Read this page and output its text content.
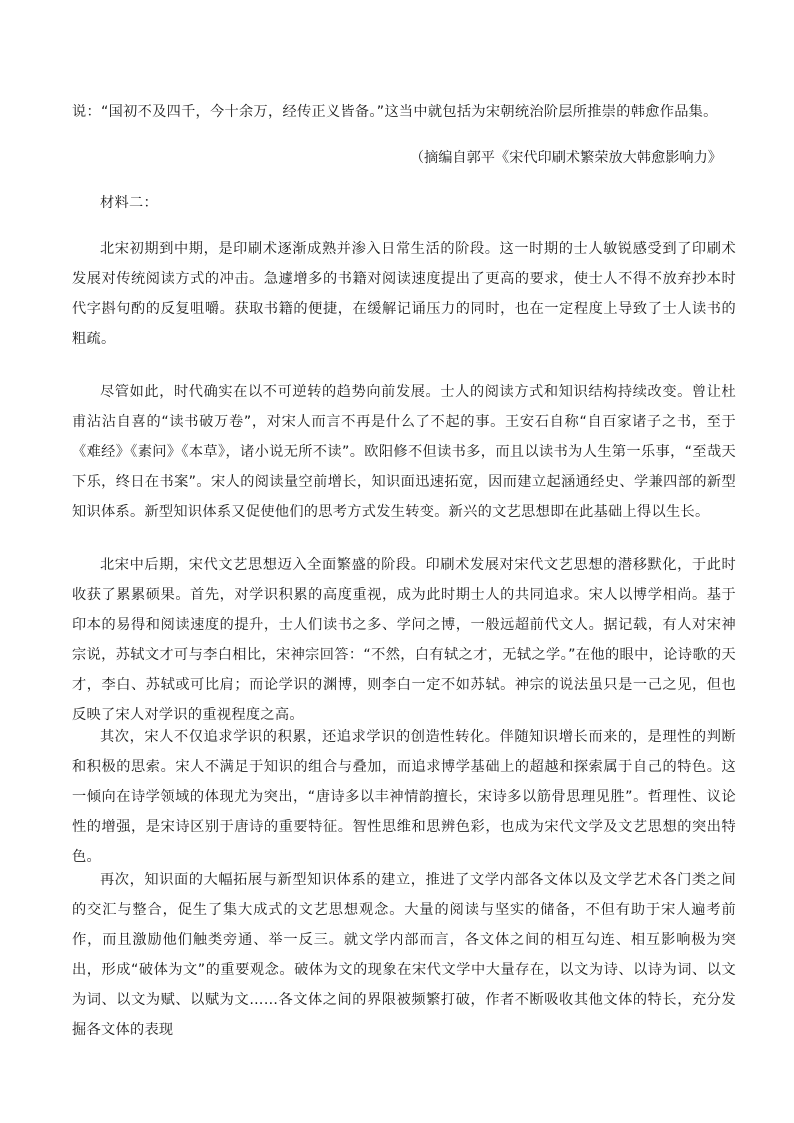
说：“国初不及四千，今十余万，经传正义皆备。”这当中就包括为宋朝统治阶层所推崇的韩愈作品集。
（摘编自郭平《宋代印刷术繁荣放大韩愈影响力》
材料二：
北宋初期到中期，是印刷术逐渐成熟并渗入日常生活的阶段。这一时期的士人敏锐感受到了印刷术发展对传统阅读方式的冲击。急遽增多的书籍对阅读速度提出了更高的要求，使士人不得不放弃抄本时代字斟句酌的反复咀嚼。获取书籍的便捷，在缓解记诵压力的同时，也在一定程度上导致了士人读书的粗疏。
尽管如此，时代确实在以不可逆转的趋势向前发展。士人的阅读方式和知识结构持续改变。曾让杜甫沾沾自喜的“读书破万卷”，对宋人而言不再是什么了不起的事。王安石自称“自百家诸子之书，至于《难经》《素问》《本草》，诸小说无所不读”。欧阳修不但读书多，而且以读书为人生第一乐事，“至哉天下乐，终日在书案”。宋人的阅读量空前增长，知识面迅速拓宽，因而建立起涵通经史、学兼四部的新型知识体系。新型知识体系又促使他们的思考方式发生转变。新兴的文艺思想即在此基础上得以生长。
北宋中后期，宋代文艺思想迈入全面繁盛的阶段。印刷术发展对宋代文艺思想的潜移默化，于此时收获了累累硕果。首先，对学识积累的高度重视，成为此时期士人的共同追求。宋人以博学相尚。基于印本的易得和阅读速度的提升，士人们读书之多、学问之博，一般远超前代文人。据记载，有人对宋神宗说，苏轼文才可与李白相比，宋神宗回答：“不然，白有轼之才，无轼之学。”在他的眼中，论诗歌的天才，李白、苏轼或可比肩；而论学识的渊博，则李白一定不如苏轼。神宗的说法虽只是一己之见，但也反映了宋人对学识的重视程度之高。
其次，宋人不仅追求学识的积累，还追求学识的创造性转化。伴随知识增长而来的，是理性的判断和积极的思索。宋人不满足于知识的组合与叠加，而追求博学基础上的超越和探索属于自己的特色。这一倾向在诗学领域的体现尤为突出，“唐诗多以丰神情韵擅长，宋诗多以筋骨思理见胜”。哲理性、议论性的增强，是宋诗区别于唐诗的重要特征。智性思维和思辨色彩，也成为宋代文学及文艺思想的突出特色。
再次，知识面的大幅拓展与新型知识体系的建立，推进了文学内部各文体以及文学艺术各门类之间的交汇与整合，促生了集大成式的文艺思想观念。大量的阅读与坚实的储备，不但有助于宋人遍考前作，而且激励他们触类旁通、举一反三。就文学内部而言，各文体之间的相互勾连、相互影响极为突出，形成“破体为文”的重要观念。破体为文的现象在宋代文学中大量存在，以文为诗、以诗为词、以文为词、以文为赋、以赋为文……各文体之间的界限被频繁打破，作者不断吸收其他文体的特长，充分发掘各文体的表现
